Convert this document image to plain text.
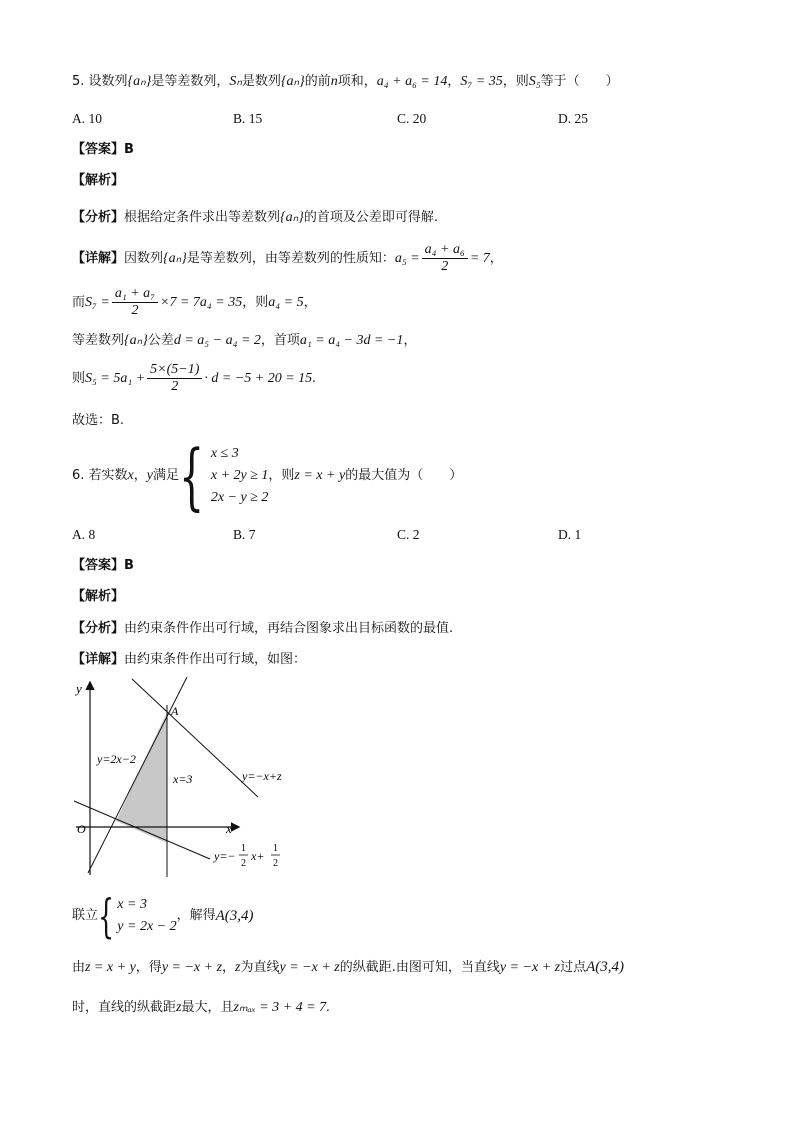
5. 设数列{aₙ}是等差数列，Sₙ是数列{aₙ}的前n项和，a₄ + a₆ = 14，S₇ = 35，则S₅等于（　　）
A. 10	B. 15	C. 20	D. 25
【答案】B
【解析】
【分析】根据给定条件求出等差数列{aₙ}的首项及公差即可得解.
【详解】因数列{aₙ}是等差数列，由等差数列的性质知：$a_5 = \frac{\text{a₄ + a₆}}{2} = 7$，
而$S_7 = \frac{\text{a₁ + a₇}}{2} \times 7 = 7a_4 = 35$，则a₄ = 5，
等差数列{aₙ}公差d = a₅ − a₄ = 2，首项a₁ = a₄ − 3d = −1，
则$S_5 = 5a_1 + \frac{5\times(5-1)}{2} \cdot d = -5 + 20 = 15$.
故选：B.
6. 若实数x，y满足{ x ≤ 3
x + 2y ≥ 1
2x − y ≥ 2
，则z = x + y的最大值为（　　）
A. 8	B. 7	C. 2	D. 1
【答案】B
【解析】
【分析】由约束条件作出可行域，再结合图象求出目标函数的最值.
【详解】由约束条件作出可行域，如图：
y
x
O
A
y=2x−2
x=3	y=−x+z
y=−
1
2
x+
1
2
联立{ x = 3
y = 2x − 2
，解得A(3,4)
由z = x + y，得y = −x + z，z为直线y = −x + z的纵截距.由图可知，当直线y = −x + z过点A(3,4)
时，直线的纵截距z最大，且zₘₐₓ = 3 + 4 = 7.
